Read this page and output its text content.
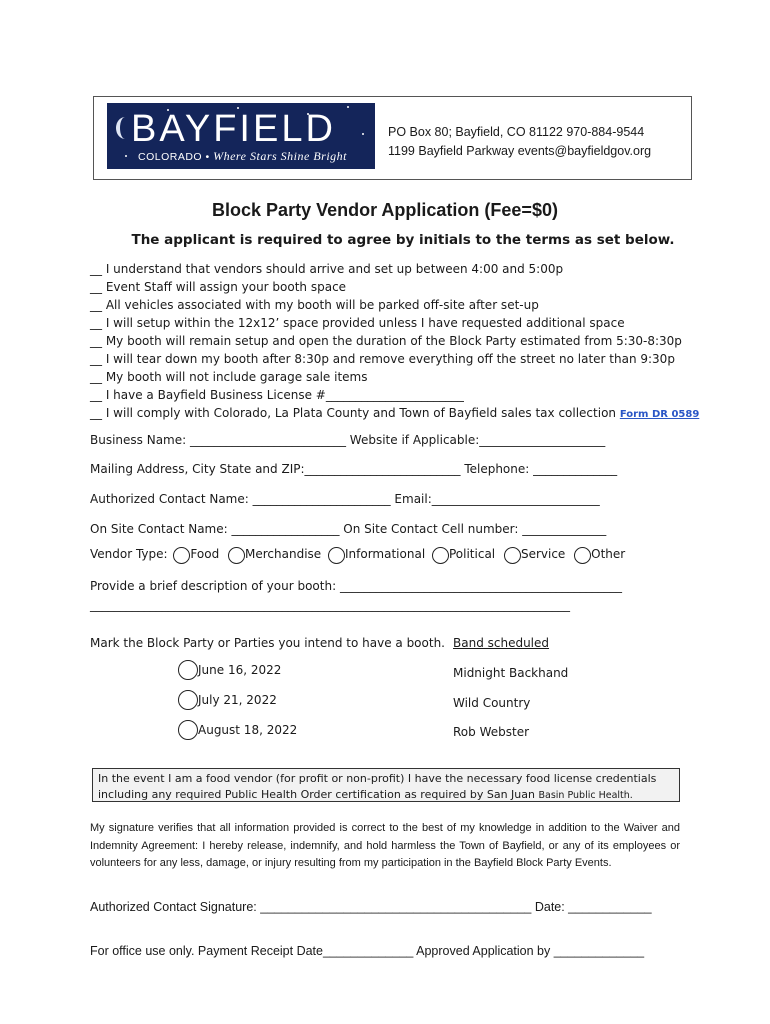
BAYFIELD
COLORADO • Where Stars Shine Bright
PO Box 80; Bayfield, CO 81122 970-884-9544
1199 Bayfield Parkway events@bayfieldgov.org
Block Party Vendor Application (Fee=$0)
The applicant is required to agree by initials to the terms as set below.
__ I understand that vendors should arrive and set up between 4:00 and 5:00p
__ Event Staff will assign your booth space
__ All vehicles associated with my booth will be parked off-site after set-up
__ I will setup within the 12x12’ space provided unless I have requested additional space
__ My booth will remain setup and open the duration of the Block Party estimated from 5:30-8:30p
__ I will tear down my booth after 8:30p and remove everything off the street no later than 9:30p
__ My booth will not include garage sale items
__ I have a Bayfield Business License #_______________________
__ I will comply with Colorado, La Plata County and Town of Bayfield sales tax collection Form DR 0589
Business Name: __________________________ Website if Applicable:_____________________
Mailing Address, City State and ZIP:__________________________ Telephone: ______________
Authorized Contact Name: _______________________ Email:____________________________
On Site Contact Name: __________________ On Site Contact Cell number: ______________
Vendor Type: Food Merchandise Informational Political Service Other
Provide a brief description of your booth: _______________________________________________
________________________________________________________________________________
Mark the Block Party or Parties you intend to have a booth. Band scheduled
June 16, 2022
July 21, 2022
August 18, 2022
Midnight Backhand
Wild Country
Rob Webster
In the event I am a food vendor (for profit or non-profit) I have the necessary food license credentials
including any required Public Health Order certification as required by San Juan Basin Public Health.
My signature verifies that all information provided is correct to the best of my knowledge in addition to the Waiver and Indemnity Agreement: I hereby release, indemnify, and hold harmless the Town of Bayfield, or any of its employees or volunteers for any less, damage, or injury resulting from my participation in the Bayfield Block Party Events.
Authorized Contact Signature: _______________________________________ Date: ____________
For office use only. Payment Receipt Date_____________ Approved Application by _____________
